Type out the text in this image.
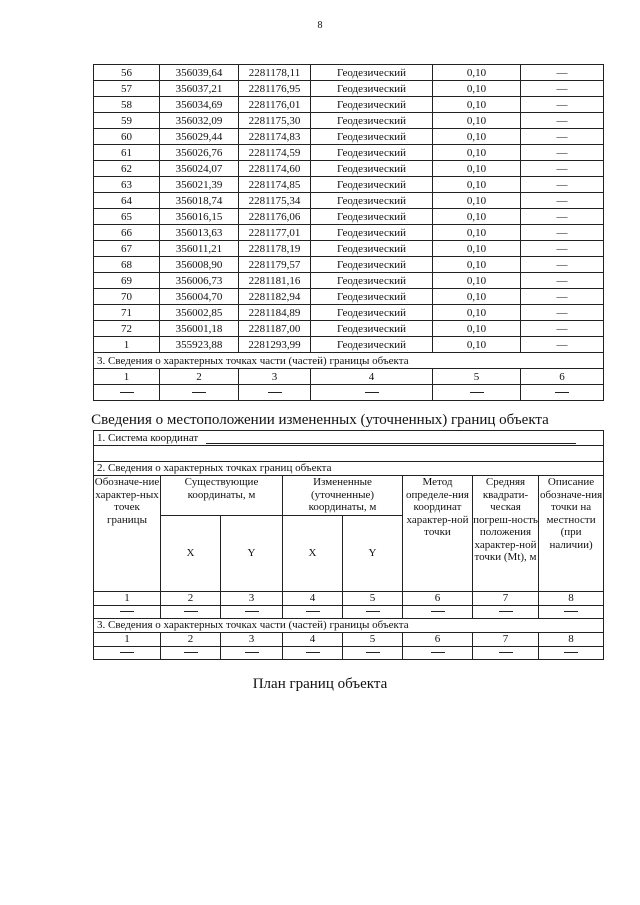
8
56	356039,64	2281178,11	Геодезический	0,10	—
57	356037,21	2281176,95	Геодезический	0,10	—
58	356034,69	2281176,01	Геодезический	0,10	—
59	356032,09	2281175,30	Геодезический	0,10	—
60	356029,44	2281174,83	Геодезический	0,10	—
61	356026,76	2281174,59	Геодезический	0,10	—
62	356024,07	2281174,60	Геодезический	0,10	—
63	356021,39	2281174,85	Геодезический	0,10	—
64	356018,74	2281175,34	Геодезический	0,10	—
65	356016,15	2281176,06	Геодезический	0,10	—
66	356013,63	2281177,01	Геодезический	0,10	—
67	356011,21	2281178,19	Геодезический	0,10	—
68	356008,90	2281179,57	Геодезический	0,10	—
69	356006,73	2281181,16	Геодезический	0,10	—
70	356004,70	2281182,94	Геодезический	0,10	—
71	356002,85	2281184,89	Геодезический	0,10	—
72	356001,18	2281187,00	Геодезический	0,10	—
1	355923,88	2281293,99	Геодезический	0,10	—
3. Сведения о характерных точках части (частей) границы объекта					
1	2	3	4	5	6

Сведения о местоположении измененных (уточненных) границ объекта
1. Система координат							

2. Сведения о характерных точках границ объекта							
Обозначе-ние характер-ных точек границы	Существующие координаты, м		Измененные (уточненные) координаты, м		Метод определе-ния координат характер-ной точки	Средняя квадрати-ческая погреш-ность положения характер-ной точки (Mt), м	Описание обозначе-ния точки на местности (при наличии)
	X	Y	X	Y			
1	2	3	4	5	6	7	8

3. Сведения о характерных точках части (частей) границы объекта							
1	2	3	4	5	6	7	8

План границ объекта
